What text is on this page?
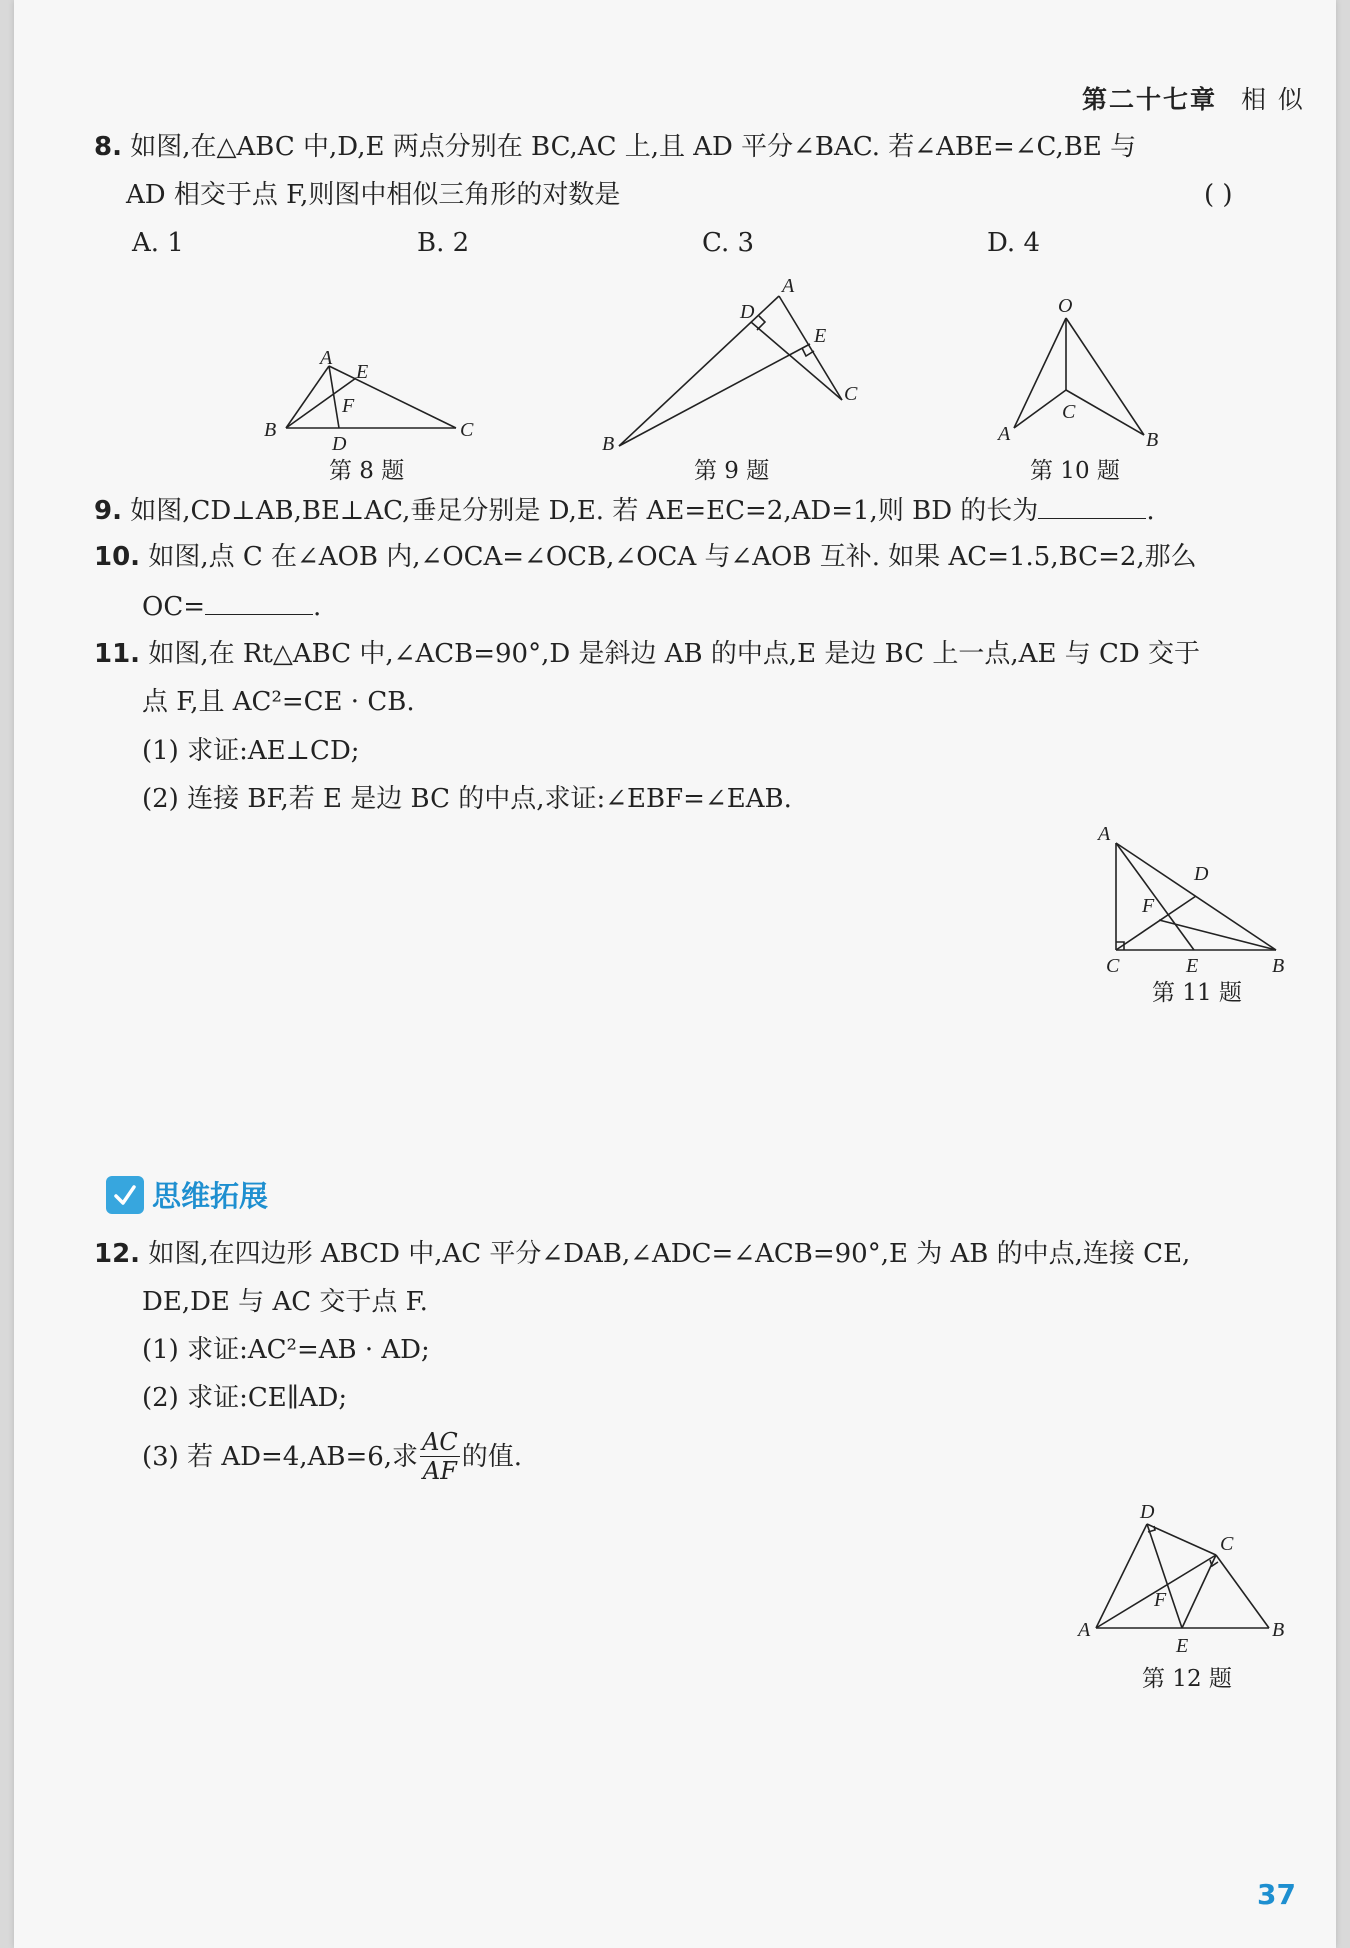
第二十七章 相 似
8. 如图,在△ABC 中,D,E 两点分别在 BC,AC 上,且 AD 平分∠BAC. 若∠ABE=∠C,BE 与
AD 相交于点 F,则图中相似三角形的对数是	( )
A. 1	B. 2	C. 3	D. 4
A
E
F
B
D
C
第 8 题
A
D
E
C
B
第 9 题
O
C
A	B
第 10 题
A
D
F
C	E	B
第 11 题
D
C
F
A
E
B
第 12 题
9. 如图,CD⊥AB,BE⊥AC,垂足分别是 D,E. 若 AE=EC=2,AD=1,则 BD 的长为	.
10. 如图,点 C 在∠AOB 内,∠OCA=∠OCB,∠OCA 与∠AOB 互补. 如果 AC=1.5,BC=2,那么
OC=	.
11. 如图,在 Rt△ABC 中,∠ACB=90°,D 是斜边 AB 的中点,E 是边 BC 上一点,AE 与 CD 交于
点 F,且 AC²=CE · CB.
(1) 求证:AE⊥CD;
(2) 连接 BF,若 E 是边 BC 的中点,求证:∠EBF=∠EAB.
思维拓展
12. 如图,在四边形 ABCD 中,AC 平分∠DAB,∠ADC=∠ACB=90°,E 为 AB 的中点,连接 CE,
DE,DE 与 AC 交于点 F.
(1) 求证:AC²=AB · AD;
(2) 求证:CE∥AD;
(3) 若 AD=4,AB=6,求 $\frac{AC}{AF}$ 的值.
37
